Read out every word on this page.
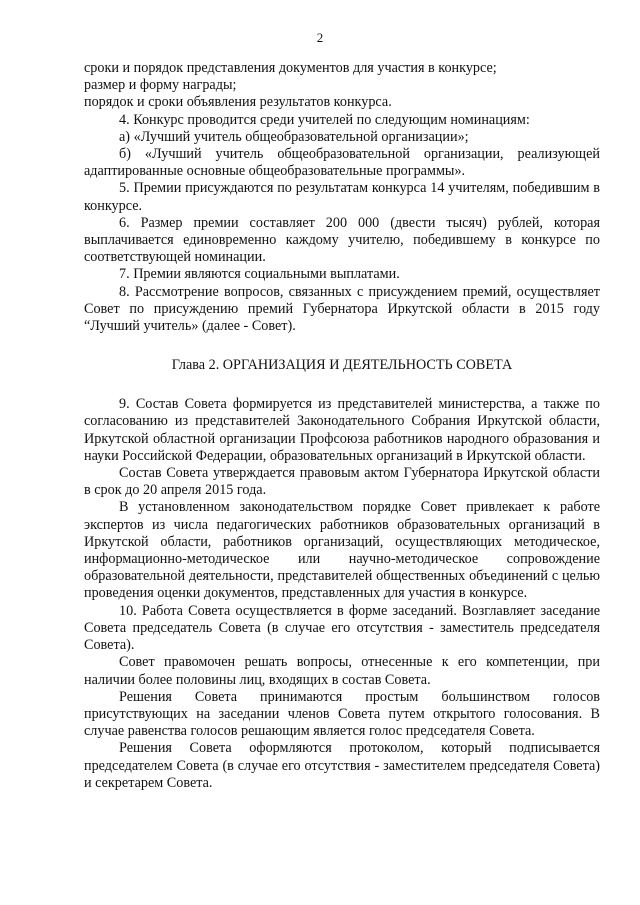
2

сроки и порядок представления документов для участия в конкурсе;

размер и форму награды;

порядок и сроки объявления результатов конкурса.

4. Конкурс проводится среди учителей по следующим номинациям:

а) «Лучший учитель общеобразовательной организации»;

б) «Лучший учитель общеобразовательной организации, реализующей адаптированные основные общеобразовательные программы».

5. Премии присуждаются по результатам конкурса 14 учителям, победившим в конкурсе.

6. Размер премии составляет 200 000 (двести тысяч) рублей, которая выплачивается единовременно каждому учителю, победившему в конкурсе по соответствующей номинации.

7. Премии являются социальными выплатами.

8. Рассмотрение вопросов, связанных с присуждением премий, осуществляет Совет по присуждению премий Губернатора Иркутской области в 2015 году “Лучший учитель» (далее - Совет).

Глава 2. ОРГАНИЗАЦИЯ И ДЕЯТЕЛЬНОСТЬ СОВЕТА

9. Состав Совета формируется из представителей министерства, а также по согласованию из представителей Законодательного Собрания Иркутской области, Иркутской областной организации Профсоюза работников народного образования и науки Российской Федерации, образовательных организаций в Иркутской области.

Состав Совета утверждается правовым актом Губернатора Иркутской области в срок до 20 апреля 2015 года.

В установленном законодательством порядке Совет привлекает к работе экспертов из числа педагогических работников образовательных организаций в Иркутской области, работников организаций, осуществляющих методическое, информационно-методическое или научно-методическое сопровождение образовательной деятельности, представителей общественных объединений с целью проведения оценки документов, представленных для участия в конкурсе.

10. Работа Совета осуществляется в форме заседаний. Возглавляет заседание Совета председатель Совета (в случае его отсутствия - заместитель председателя Совета).

Совет правомочен решать вопросы, отнесенные к его компетенции, при наличии более половины лиц, входящих в состав Совета.

Решения Совета принимаются простым большинством голосов присутствующих на заседании членов Совета путем открытого голосования. В случае равенства голосов решающим является голос председателя Совета.

Решения Совета оформляются протоколом, который подписывается председателем Совета (в случае его отсутствия - заместителем председателя Совета) и секретарем Совета.
